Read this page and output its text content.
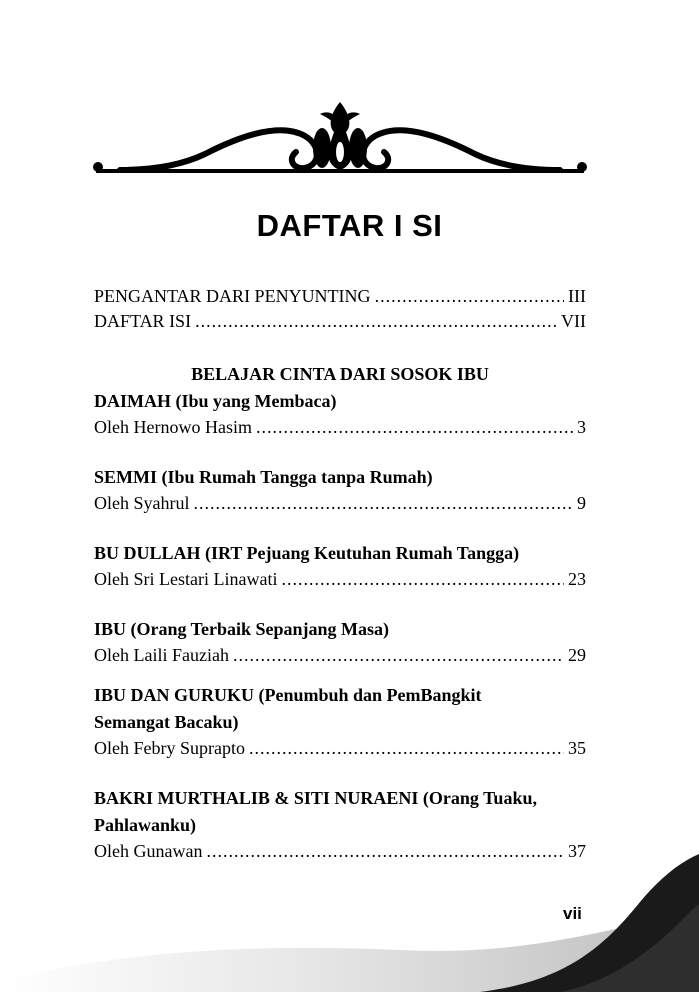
DAFTAR I SI
PENGANTAR DARI PENYUNTING .....	III
DAFTAR ISI .....	VII
BELAJAR CINTA DARI SOSOK IBU
DAIMAH (Ibu yang Membaca)
Oleh Hernowo Hasim .....	3
SEMMI (Ibu Rumah Tangga tanpa Rumah)
Oleh Syahrul .....	9
BU DULLAH (IRT Pejuang Keutuhan Rumah Tangga)
Oleh Sri Lestari Linawati .....	23
IBU (Orang Terbaik Sepanjang Masa)
Oleh Laili Fauziah .....	29
IBU DAN GURUKU (Penumbuh dan PemBangkit
Semangat Bacaku)
Oleh Febry Suprapto .....	35
BAKRI MURTHALIB & SITI NURAENI (Orang Tuaku,
Pahlawanku)
Oleh Gunawan .....	37
vii
